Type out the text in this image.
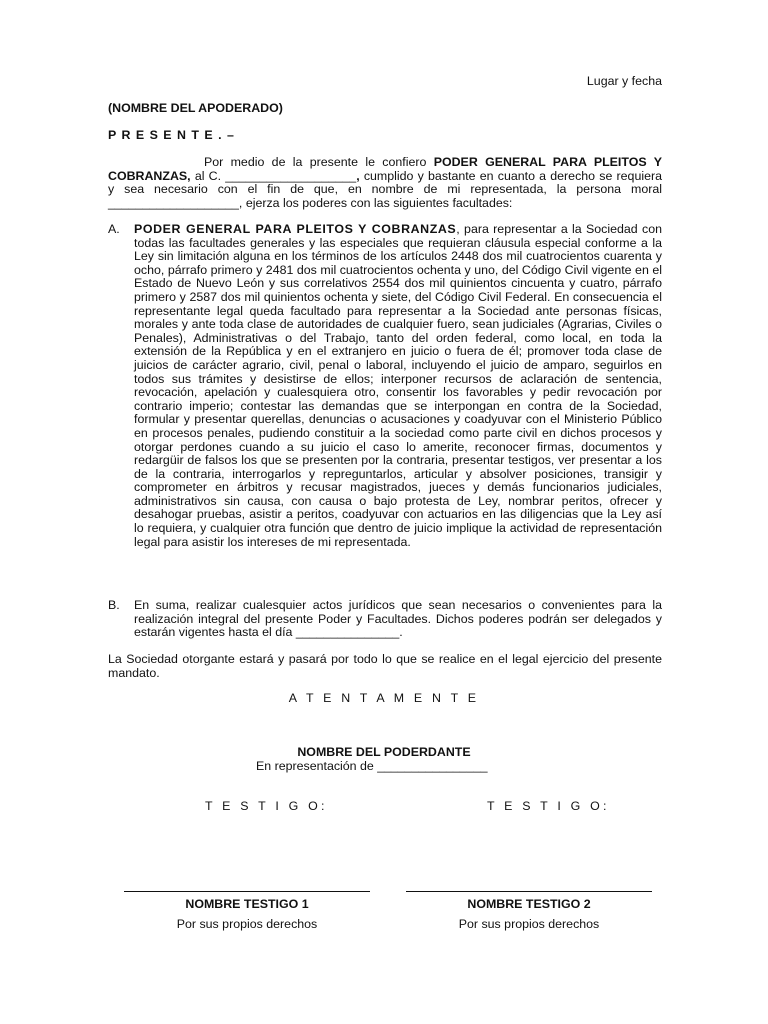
Lugar y fecha
(NOMBRE DEL APODERADO)
P R E S E N T E . –
Por medio de la presente le confiero PODER GENERAL PARA PLEITOS Y COBRANZAS, al C. ___________________, cumplido y bastante en cuanto a derecho se requiera y sea necesario con el fin de que, en nombre de mi representada, la persona moral ___________________, ejerza los poderes con las siguientes facultades:
A. PODER GENERAL PARA PLEITOS Y COBRANZAS, para representar a la Sociedad con todas las facultades generales y las especiales que requieran cláusula especial conforme a la Ley sin limitación alguna en los términos de los artículos 2448 dos mil cuatrocientos cuarenta y ocho, párrafo primero y 2481 dos mil cuatrocientos ochenta y uno, del Código Civil vigente en el Estado de Nuevo León y sus correlativos 2554 dos mil quinientos cincuenta y cuatro, párrafo primero y 2587 dos mil quinientos ochenta y siete, del Código Civil Federal. En consecuencia el representante legal queda facultado para representar a la Sociedad ante personas físicas, morales y ante toda clase de autoridades de cualquier fuero, sean judiciales (Agrarias, Civiles o Penales), Administrativas o del Trabajo, tanto del orden federal, como local, en toda la extensión de la República y en el extranjero en juicio o fuera de él; promover toda clase de juicios de carácter agrario, civil, penal o laboral, incluyendo el juicio de amparo, seguirlos en todos sus trámites y desistirse de ellos; interponer recursos de aclaración de sentencia, revocación, apelación y cualesquiera otro, consentir los favorables y pedir revocación por contrario imperio; contestar las demandas que se interpongan en contra de la Sociedad, formular y presentar querellas, denuncias o acusaciones y coadyuvar con el Ministerio Público en procesos penales, pudiendo constituir a la sociedad como parte civil en dichos procesos y otorgar perdones cuando a su juicio el caso lo amerite, reconocer firmas, documentos y redargüir de falsos los que se presenten por la contraria, presentar testigos, ver presentar a los de la contraria, interrogarlos y repreguntarlos, articular y absolver posiciones, transigir y comprometer en árbitros y recusar magistrados, jueces y demás funcionarios judiciales, administrativos sin causa, con causa o bajo protesta de Ley, nombrar peritos, ofrecer y desahogar pruebas, asistir a peritos, coadyuvar con actuarios en las diligencias que la Ley así lo requiera, y cualquier otra función que dentro de juicio implique la actividad de representación legal para asistir los intereses de mi representada.
B. En suma, realizar cualesquier actos jurídicos que sean necesarios o convenientes para la realización integral del presente Poder y Facultades. Dichos poderes podrán ser delegados y estarán vigentes hasta el día _______________.
La Sociedad otorgante estará y pasará por todo lo que se realice en el legal ejercicio del presente mandato.
A T E N T A M E N T E
NOMBRE DEL PODERDANTE
En representación de ________________
T E S T I G O:	T E S T I G O:
NOMBRE TESTIGO 1	NOMBRE TESTIGO 2
Por sus propios derechos	Por sus propios derechos
